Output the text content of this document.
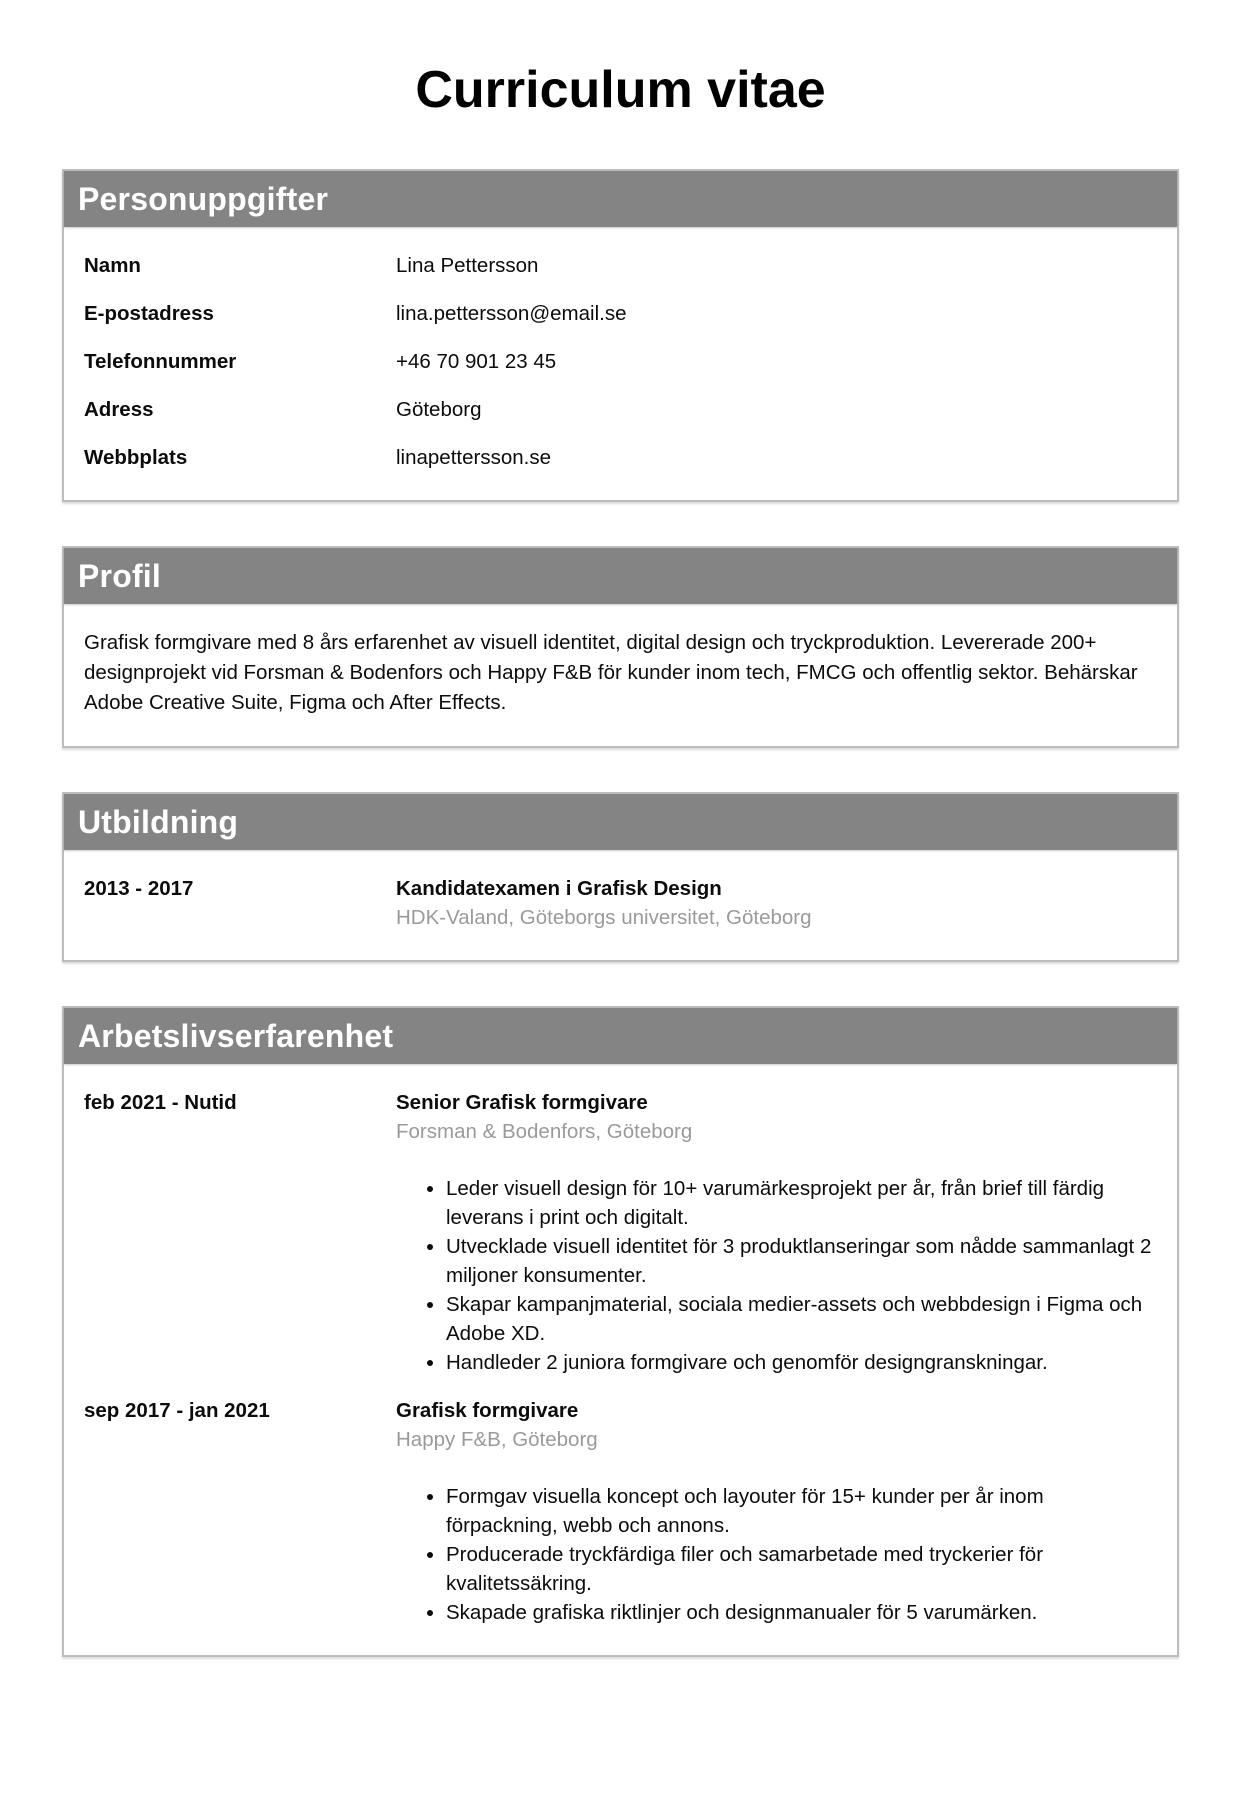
Curriculum vitae
Personuppgifter
Namn	Lina Pettersson
E-postadress	lina.pettersson@email.se
Telefonnummer	+46 70 901 23 45
Adress	Göteborg
Webbplats	linapettersson.se
Profil

Grafisk formgivare med 8 års erfarenhet av visuell identitet, digital design och tryckproduktion. Levererade 200+ designprojekt vid Forsman & Bodenfors och Happy F&B för kunder inom tech, FMCG och offentlig sektor. Behärskar Adobe Creative Suite, Figma och After Effects.

Utbildning
2013 - 2017	Kandidatexamen i Grafisk Design
HDK-Valand, Göteborgs universitet, Göteborg
Arbetslivserfarenhet
feb 2021 - Nutid	Senior Grafisk formgivare
Forsman & Bodenfors, Göteborg
• Leder visuell design för 10+ varumärkesprojekt per år, från brief till färdig leverans i print och digitalt.
• Utvecklade visuell identitet för 3 produktlanseringar som nådde sammanlagt 2 miljoner konsumenter.
• Skapar kampanjmaterial, sociala medier-assets och webbdesign i Figma och Adobe XD.
• Handleder 2 juniora formgivare och genomför designgranskningar.
sep 2017 - jan 2021	Grafisk formgivare
Happy F&B, Göteborg
• Formgav visuella koncept och layouter för 15+ kunder per år inom förpackning, webb och annons.
• Producerade tryckfärdiga filer och samarbetade med tryckerier för kvalitetssäkring.
• Skapade grafiska riktlinjer och designmanualer för 5 varumärken.
